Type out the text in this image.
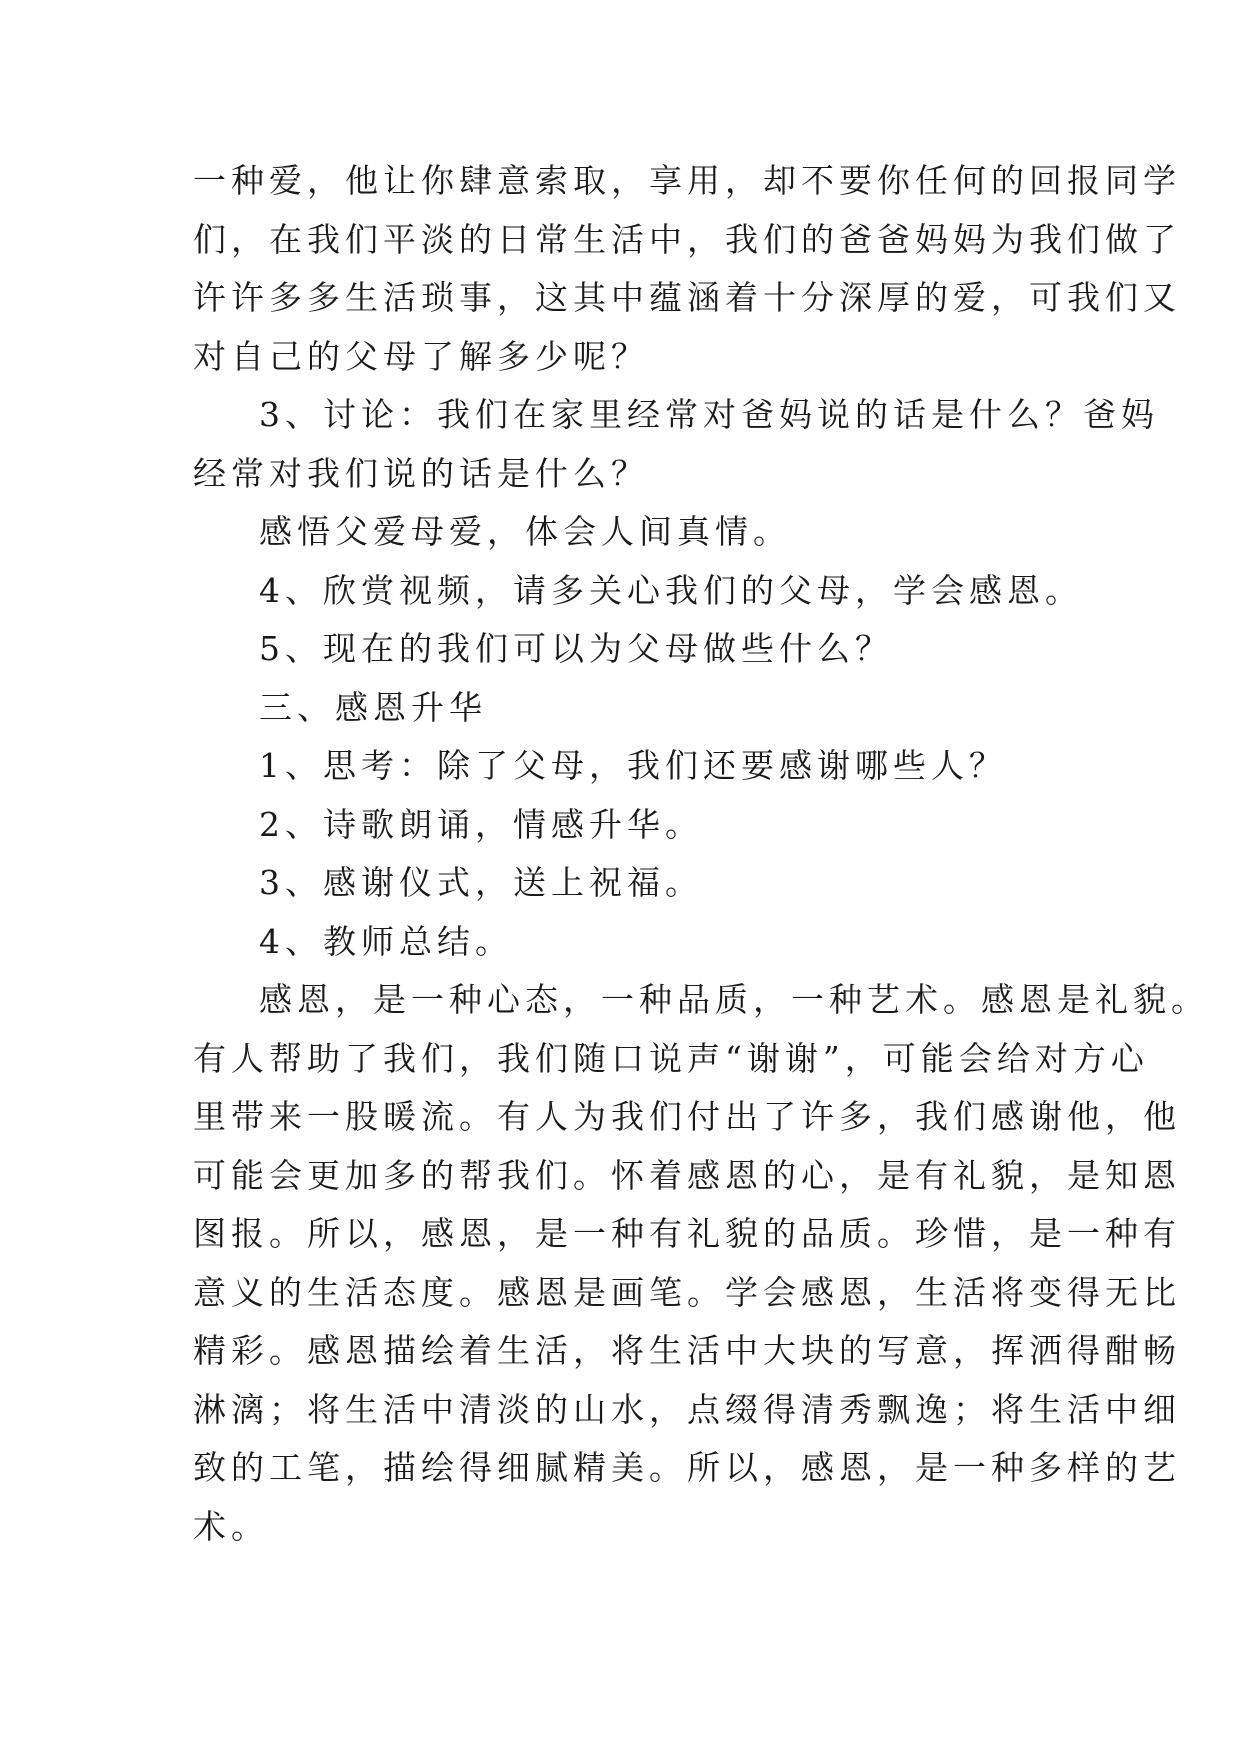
一种爱，他让你肆意索取，享用，却不要你任何的回报同学
们，在我们平淡的日常生活中，我们的爸爸妈妈为我们做了
许许多多生活琐事，这其中蕴涵着十分深厚的爱，可我们又
对自己的父母了解多少呢？
3、讨论：我们在家里经常对爸妈说的话是什么？爸妈
经常对我们说的话是什么？
感悟父爱母爱，体会人间真情。
4、欣赏视频，请多关心我们的父母，学会感恩。
5、现在的我们可以为父母做些什么？
三、感恩升华
1、思考：除了父母，我们还要感谢哪些人？
2、诗歌朗诵，情感升华。
3、感谢仪式，送上祝福。
4、教师总结。
感恩，是一种心态，一种品质，一种艺术。感恩是礼貌。
有人帮助了我们，我们随口说声“谢谢”，可能会给对方心
里带来一股暖流。有人为我们付出了许多，我们感谢他，他
可能会更加多的帮我们。怀着感恩的心，是有礼貌，是知恩
图报。所以，感恩，是一种有礼貌的品质。珍惜，是一种有
意义的生活态度。感恩是画笔。学会感恩，生活将变得无比
精彩。感恩描绘着生活，将生活中大块的写意，挥洒得酣畅
淋漓；将生活中清淡的山水，点缀得清秀飘逸；将生活中细
致的工笔，描绘得细腻精美。所以，感恩，是一种多样的艺
术。
